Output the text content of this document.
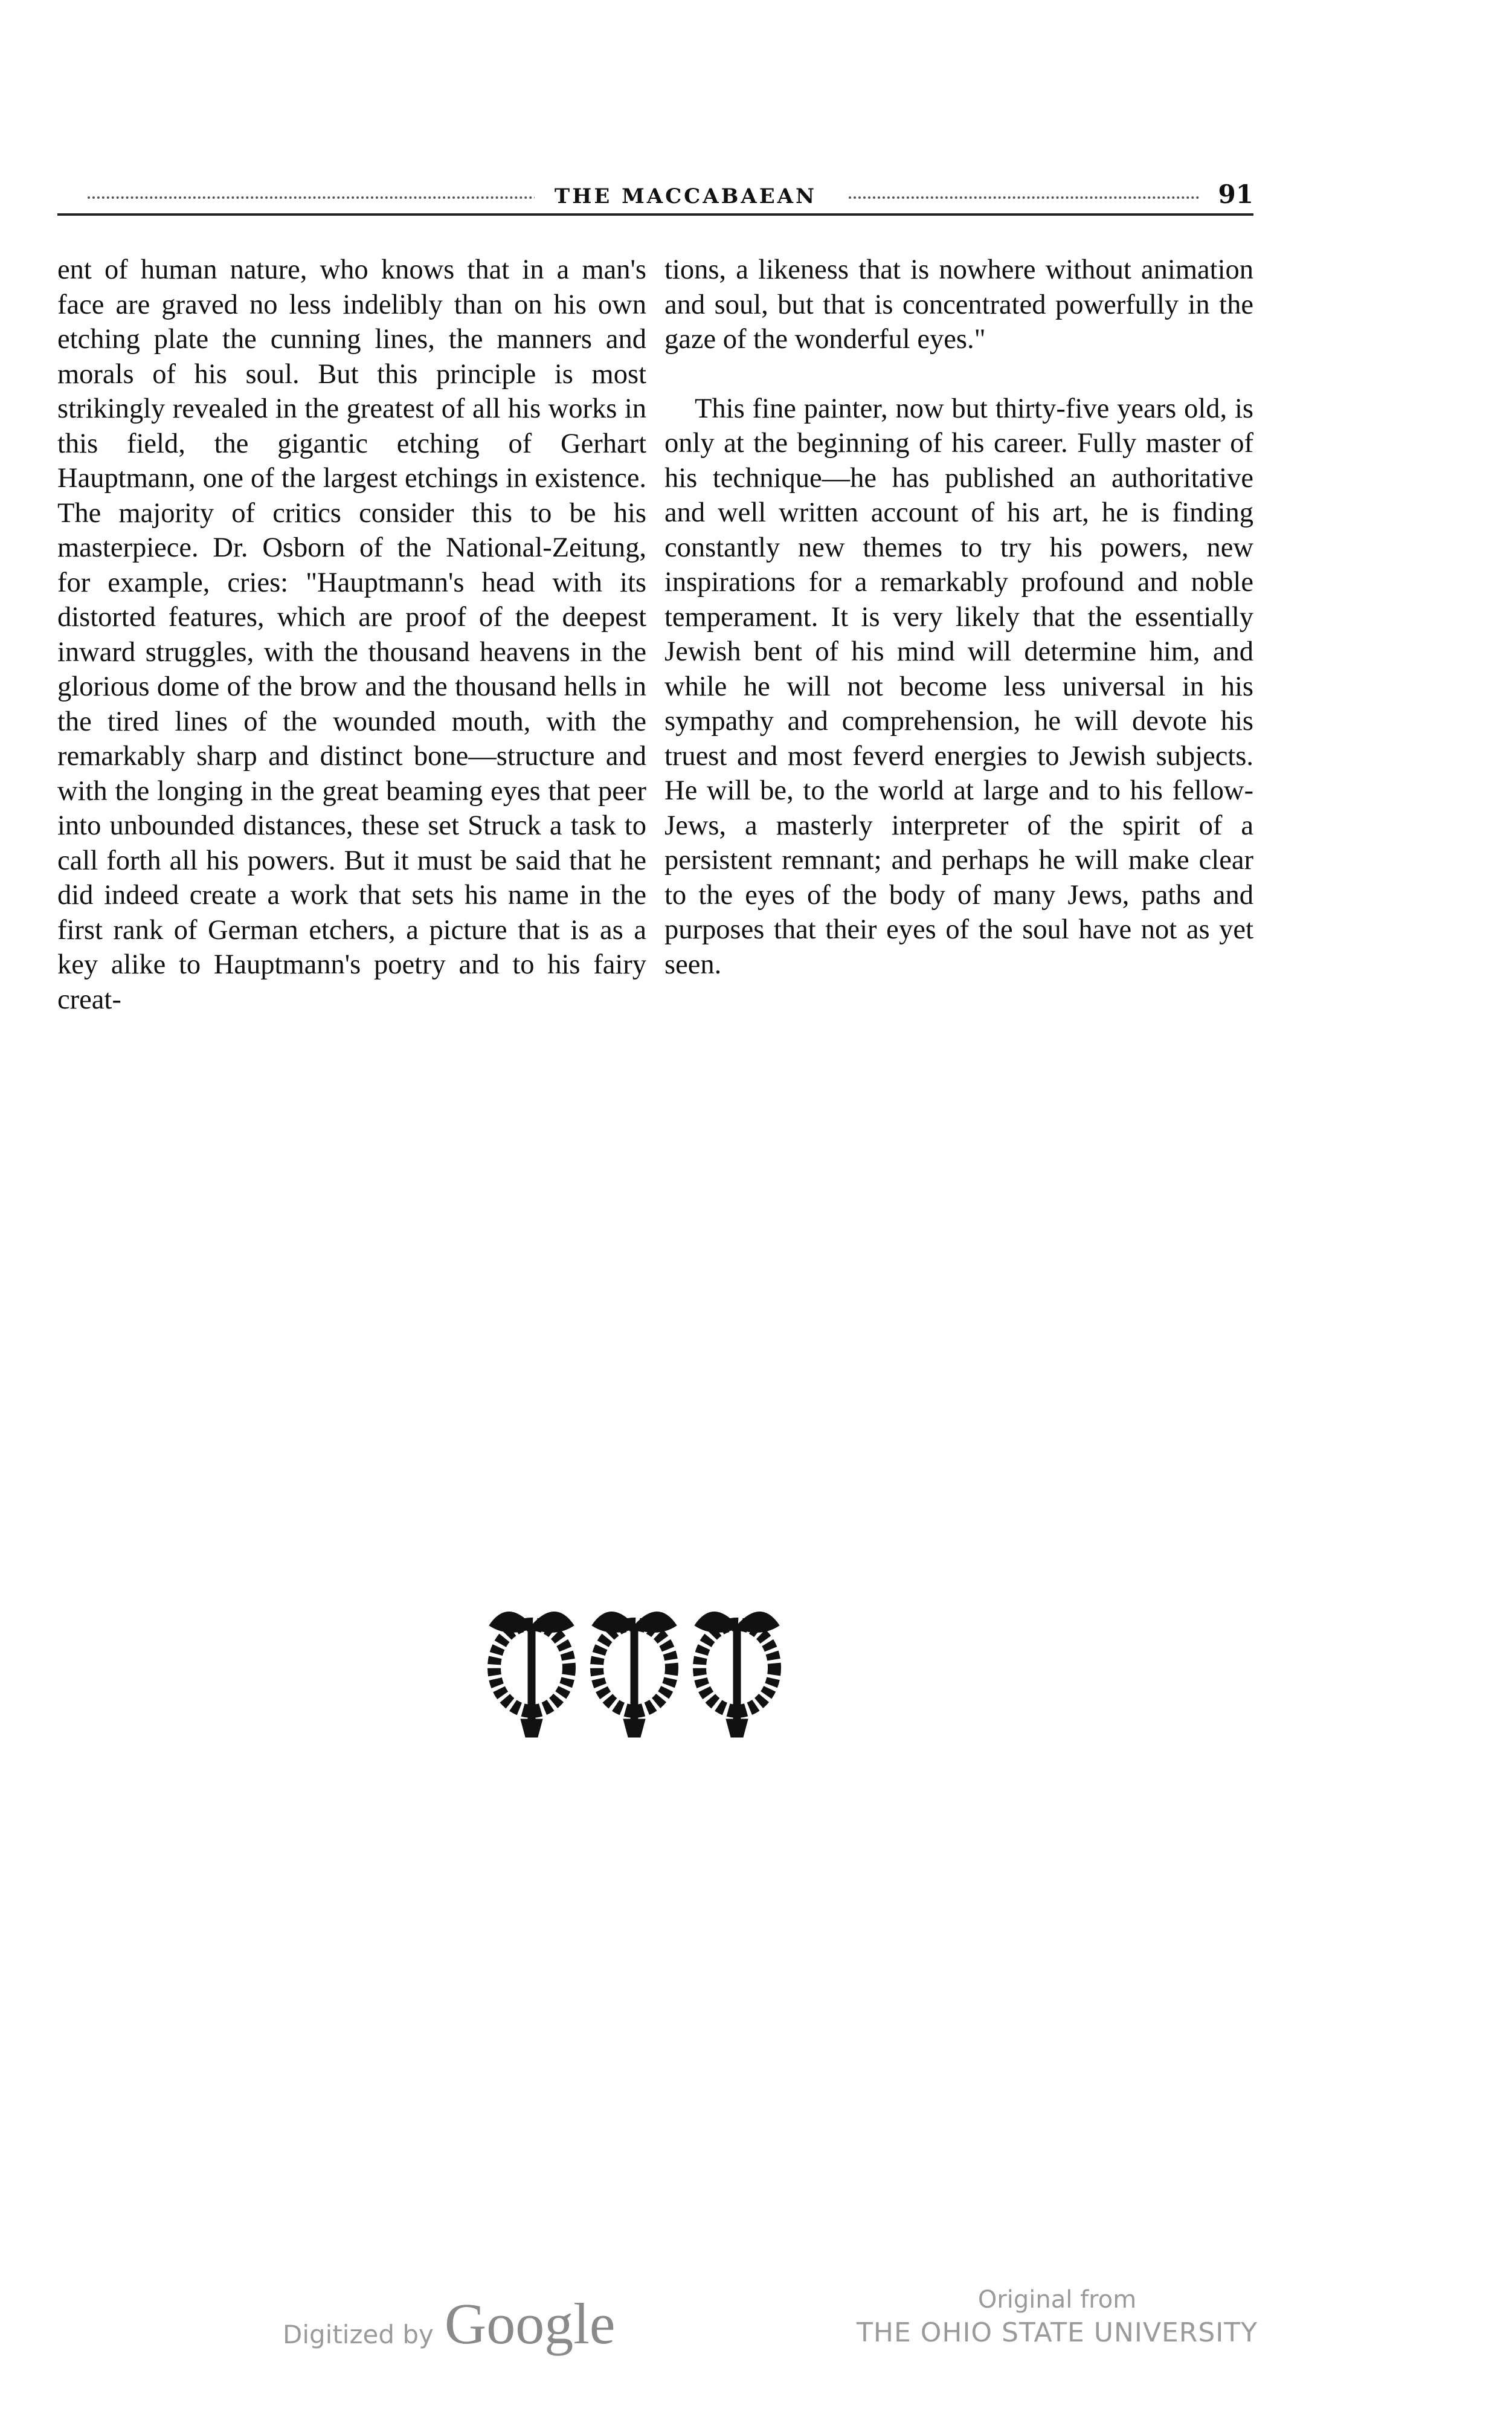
THE MACCABAEAN	91

ent of human nature, who knows that in a man's face are graved no less indelibly than on his own etching plate the cunning lines, the manners and morals of his soul. But this principle is most strikingly revealed in the greatest of all his works in this field, the gigantic etching of Gerhart Hauptmann, one of the largest etchings in existence. The majority of critics consider this to be his masterpiece. Dr. Osborn of the National-Zeitung, for example, cries: "Hauptmann's head with its distorted features, which are proof of the deepest inward struggles, with the thousand heavens in the glorious dome of the brow and the thousand hells in the tired lines of the wounded mouth, with the remarkably sharp and distinct bone—structure and with the longing in the great beaming eyes that peer into unbounded distances, these set Struck a task to call forth all his powers. But it must be said that he did indeed create a work that sets his name in the first rank of German etchers, a picture that is as a key alike to Hauptmann's poetry and to his fairy creat-

tions, a likeness that is nowhere without animation and soul, but that is concentrated powerfully in the gaze of the wonderful eyes."

This fine painter, now but thirty-five years old, is only at the beginning of his career. Fully master of his technique—he has published an authoritative and well written account of his art, he is finding constantly new themes to try his powers, new inspirations for a remarkably profound and noble temperament. It is very likely that the essentially Jewish bent of his mind will determine him, and while he will not become less universal in his sympathy and comprehension, he will devote his truest and most feverd energies to Jewish subjects. He will be, to the world at large and to his fellow-Jews, a masterly interpreter of the spirit of a persistent remnant; and perhaps he will make clear to the eyes of the body of many Jews, paths and purposes that their eyes of the soul have not as yet seen.

Digitized by Google	Original from
THE OHIO STATE UNIVERSITY
